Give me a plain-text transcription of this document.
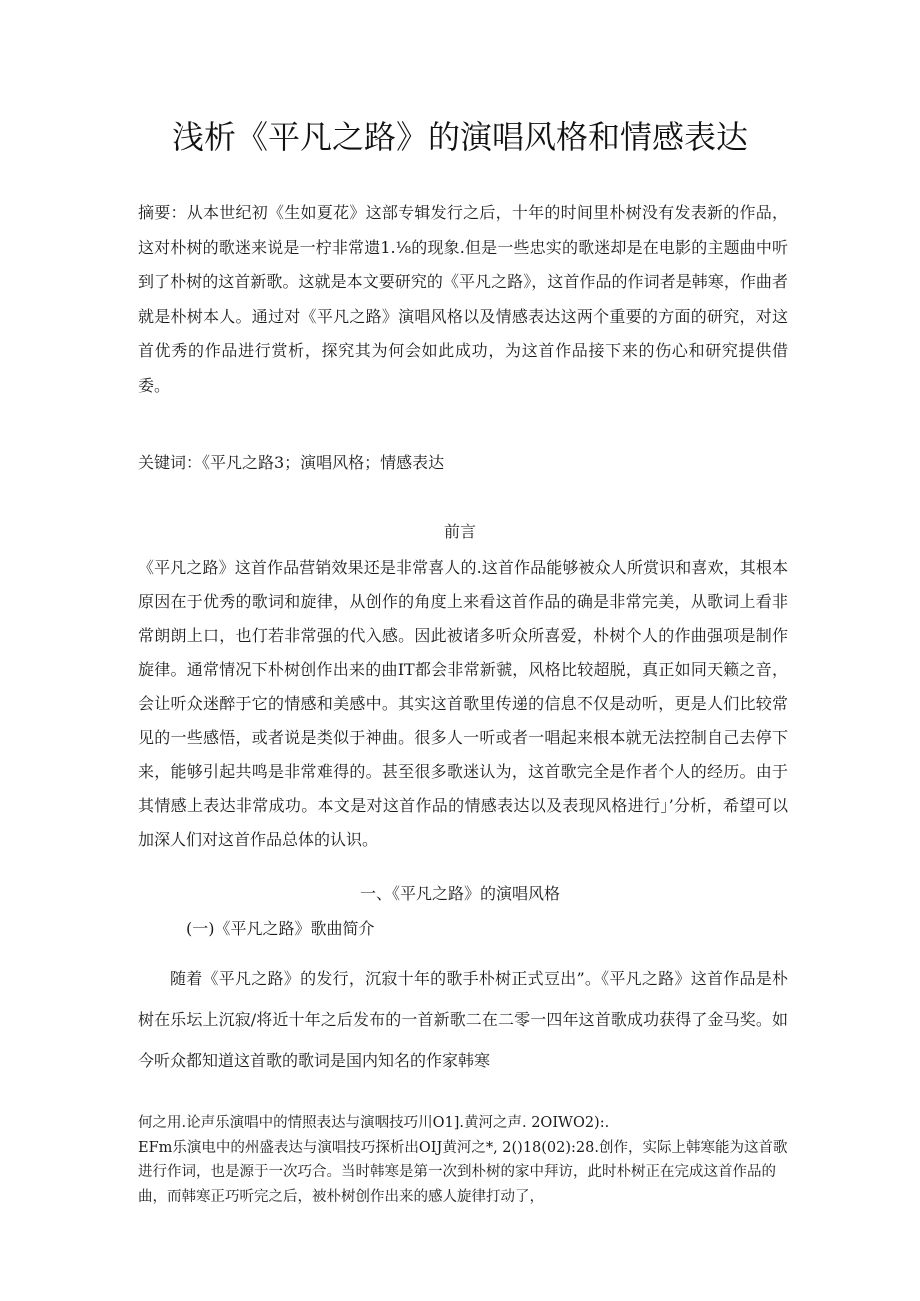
浅析《平凡之路》的演唱风格和情感表达

摘要：从本世纪初《生如夏花》这部专辑发行之后，十年的时间里朴树没有发表新的作品，这对朴树的歌迷来说是一柠非常遗1.⅛的现象.但是一些忠实的歌迷却是在电影的主题曲中听到了朴树的这首新歌。这就是本文要研究的《平凡之路》，这首作品的作词者是韩寒，作曲者就是朴树本人。通过对《平凡之路》演唱风格以及情感表达这两个重要的方面的研究，对这首优秀的作品进行赏析，探究其为何会如此成功，为这首作品接下来的伤心和研究提供借委。

关键词：《平凡之路3；演唱风格；情感表达

前言

《平凡之路》这首作品营销效果还是非常喜人的.这首作品能够被众人所赏识和喜欢，其根本原因在于优秀的歌词和旋律，从创作的角度上来看这首作品的确是非常完美，从歌词上看非常朗朗上口，也仃若非常强的代入感。因此被诸多听众所喜爱，朴树个人的作曲强项是制作旋律。通常情况下朴树创作出来的曲IT都会非常新虢，风格比较超脱，真正如同天籁之音，会让听众迷醉于它的情感和美感中。其实这首歌里传递的信息不仅是动听，更是人们比较常见的一些感悟，或者说是类似于神曲。很多人一听或者一唱起来根本就无法控制自己去停下来，能够引起共鸣是非常难得的。甚至很多歌迷认为，这首歌完全是作者个人的经历。由于其情感上表达非常成功。本文是对这首作品的情感表达以及表现风格进行」’分析，希望可以加深人们对这首作品总体的认识。

一、《平凡之路》的演唱风格
(一)《平凡之路》歌曲简介

随着《平凡之路》的发行，沉寂十年的歌手朴树正式豆出”。《平凡之路》这首作品是朴树在乐坛上沉寂/将近十年之后发布的一首新歌二在二零一四年这首歌成功获得了金马奖。如今听众都知道这首歌的歌词是国内知名的作家韩寒

何之用.论声乐演唱中的情照表达与演咽技巧川O1].黄河之声. 2OIWO2):.

EFm乐演电中的州盛表达与演唱技巧探析出OIJ黄河之*, 2()18(02):28.创作，实际上韩寒能为这首歌进行作词，也是源于一次巧合。当时韩寒是第一次到朴树的家中拜访，此时朴树正在完成这首作品的曲，而韩寒正巧听完之后，被朴树创作出来的感人旋律打动了，
